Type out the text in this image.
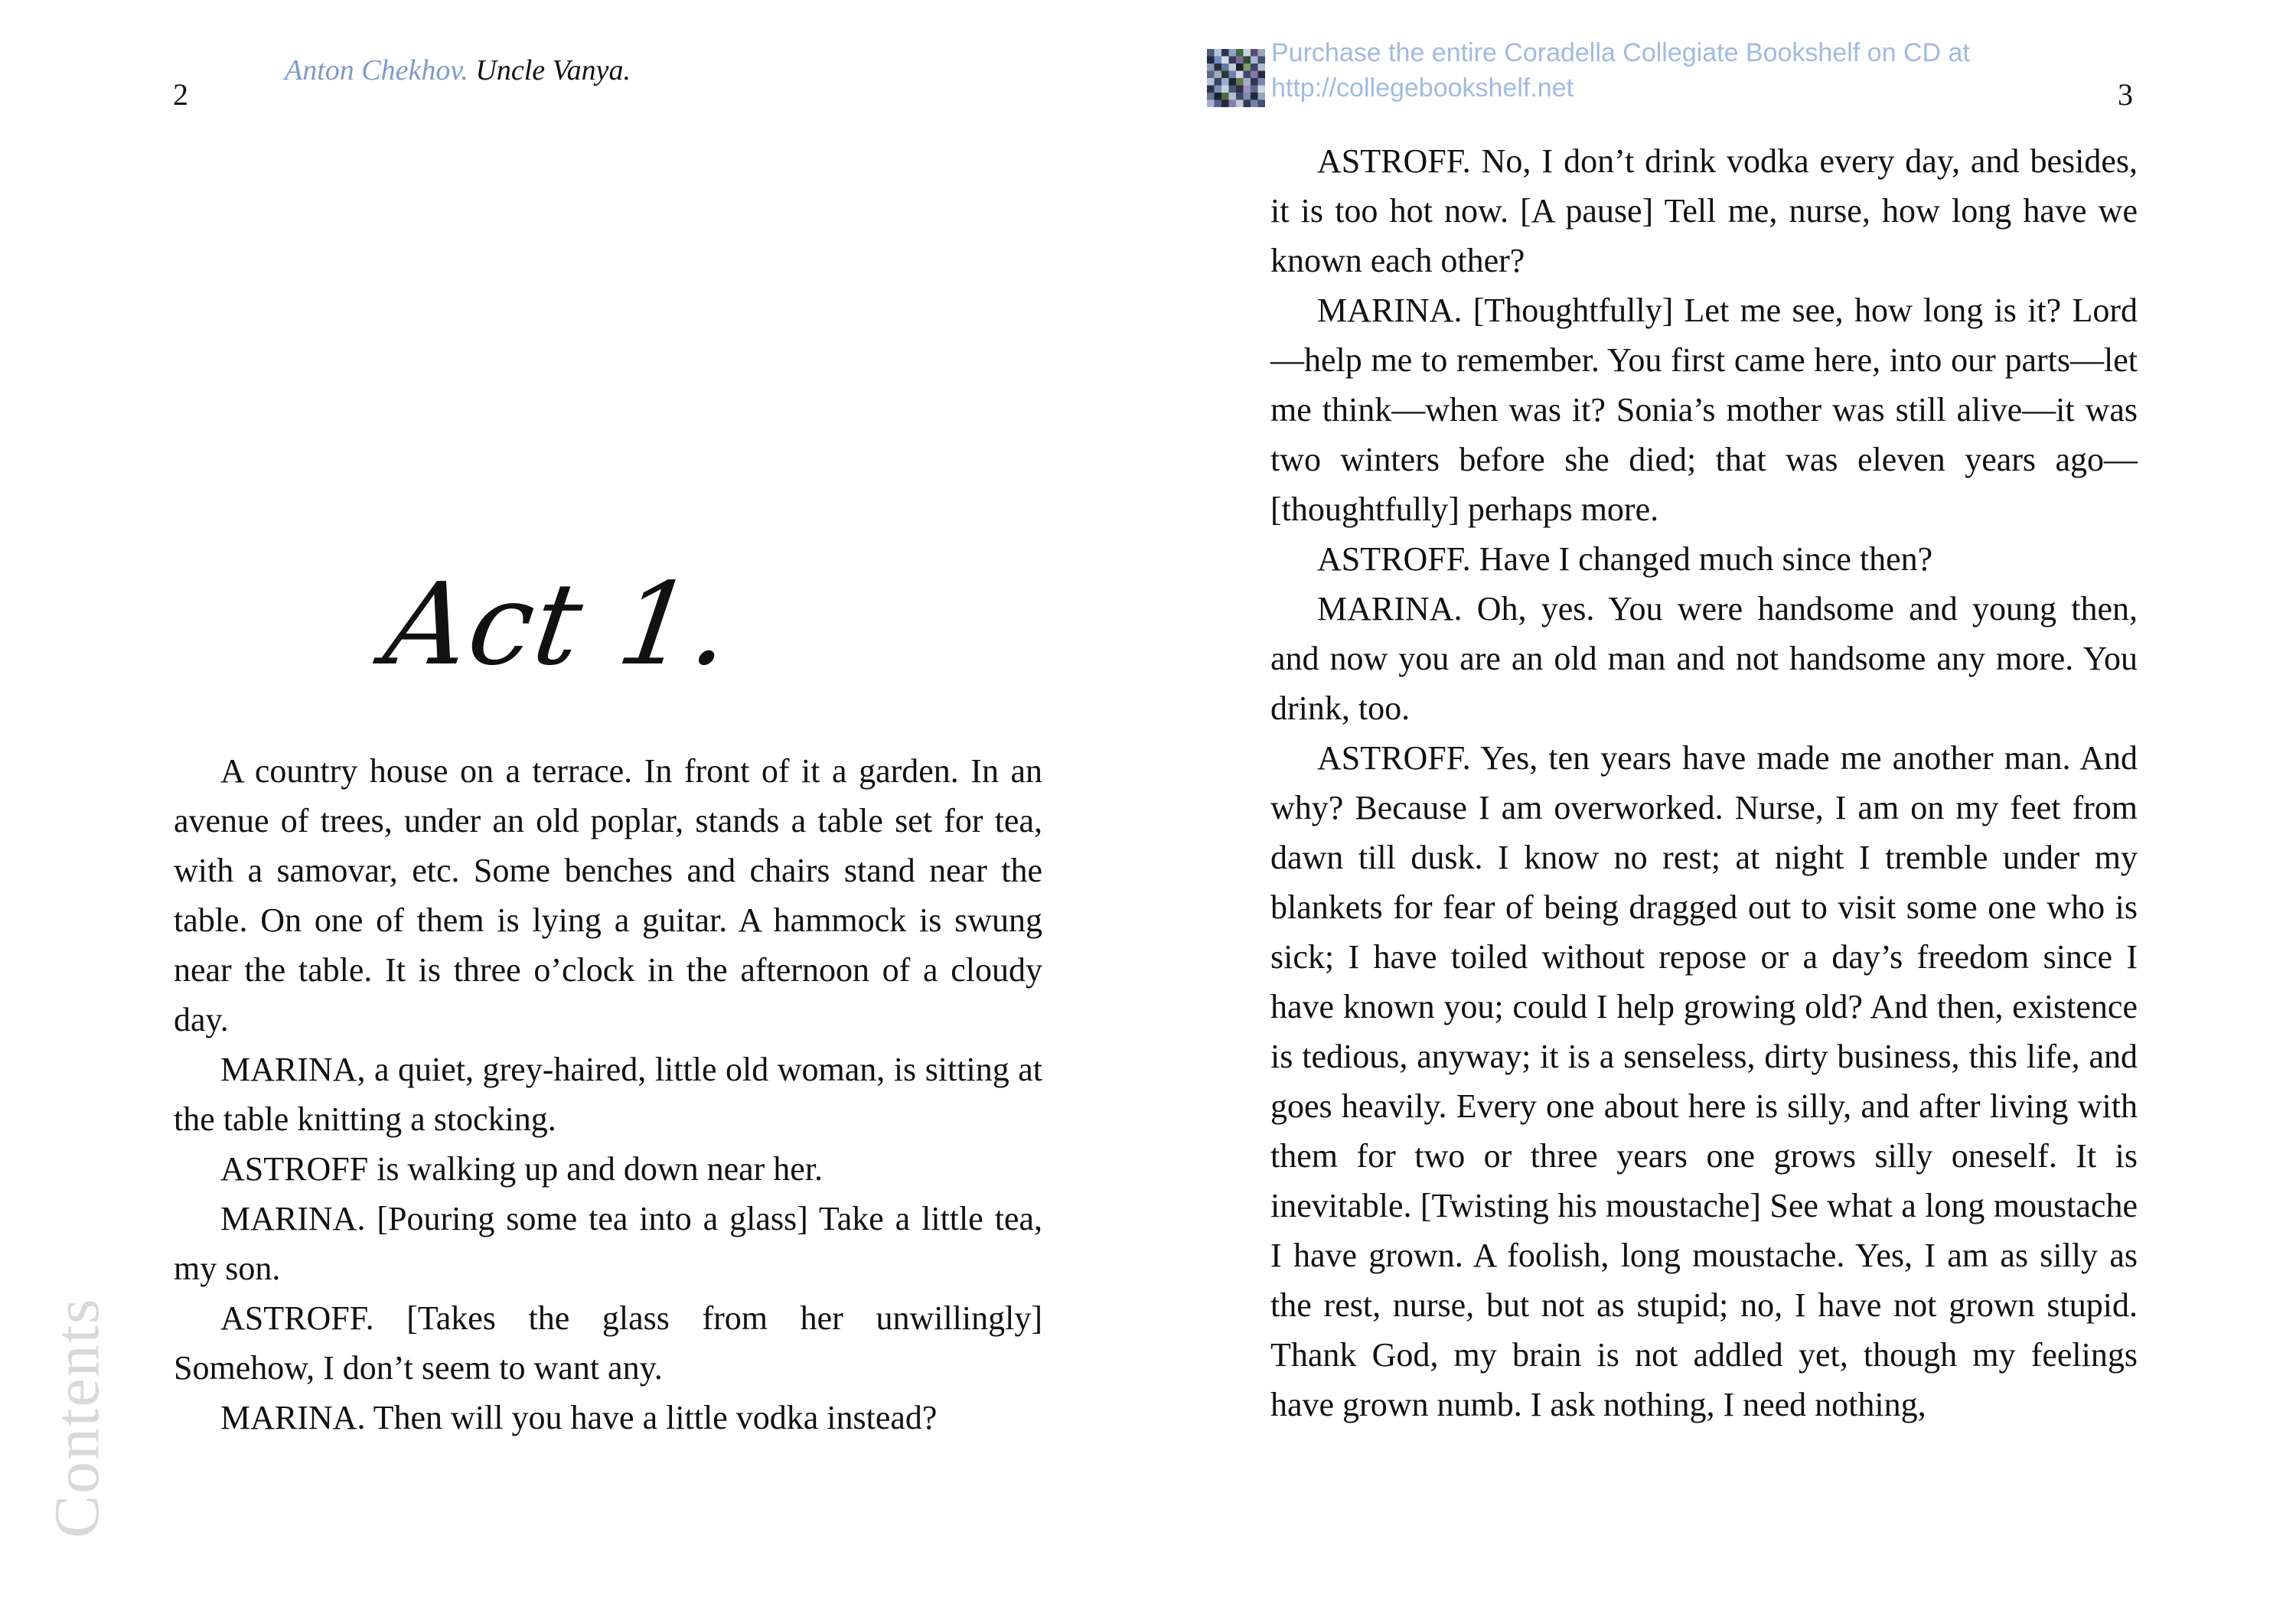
2
Anton Chekhov. Uncle Vanya.
Act 1.

A country house on a terrace. In front of it a garden. In an avenue of trees, under an old poplar, stands a table set for tea, with a samovar, etc. Some benches and chairs stand near the table. On one of them is lying a guitar. A hammock is swung near the table. It is three o’clock in the afternoon of a cloudy day.

MARINA, a quiet, grey-haired, little old woman, is sitting at the table knitting a stocking.

ASTROFF is walking up and down near her.

MARINA. [Pouring some tea into a glass] Take a little tea, my son.

ASTROFF. [Takes the glass from her unwillingly] Somehow, I don’t seem to want any.

MARINA. Then will you have a little vodka instead?

Contents
Purchase the entire Coradella Collegiate Bookshelf on CD at
http://collegebookshelf.net	3

ASTROFF. No, I don’t drink vodka every day, and besides, it is too hot now. [A pause] Tell me, nurse, how long have we known each other?

MARINA. [Thoughtfully] Let me see, how long is it? Lord—help me to remember. You first came here, into our parts—let me think—when was it? Sonia’s mother was still alive—it was two winters before she died; that was eleven years ago—[thoughtfully] perhaps more.

ASTROFF. Have I changed much since then?

MARINA. Oh, yes. You were handsome and young then, and now you are an old man and not handsome any more. You drink, too.

ASTROFF. Yes, ten years have made me another man. And why? Because I am overworked. Nurse, I am on my feet from dawn till dusk. I know no rest; at night I tremble under my blankets for fear of being dragged out to visit some one who is sick; I have toiled without repose or a day’s freedom since I have known you; could I help growing old? And then, existence is tedious, anyway; it is a senseless, dirty business, this life, and goes heavily. Every one about here is silly, and after living with them for two or three years one grows silly oneself. It is inevitable. [Twisting his moustache] See what a long moustache I have grown. A foolish, long moustache. Yes, I am as silly as the rest, nurse, but not as stupid; no, I have not grown stupid. Thank God, my brain is not addled yet, though my feelings have grown numb. I ask nothing, I need nothing,
